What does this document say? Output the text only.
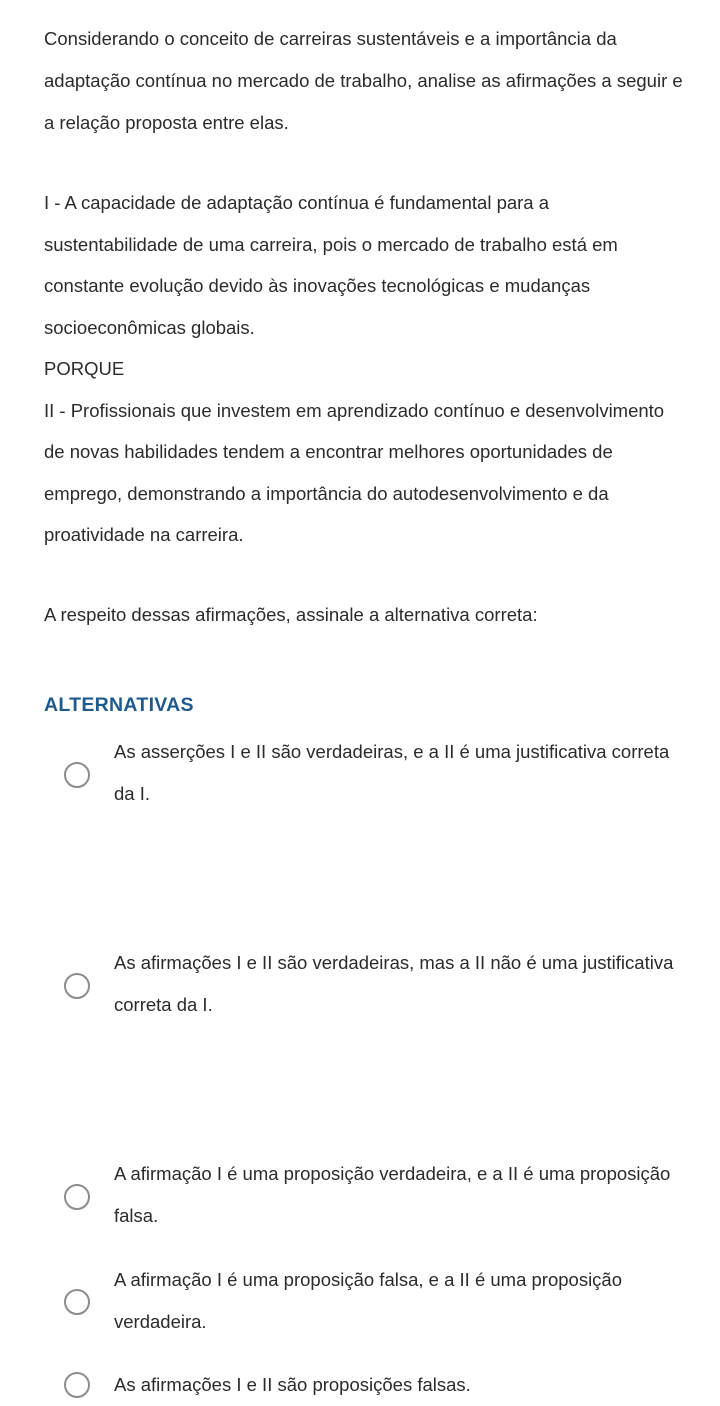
Considerando o conceito de carreiras sustentáveis e a importância da adaptação contínua no mercado de trabalho, analise as afirmações a seguir e a relação proposta entre elas.

I - A capacidade de adaptação contínua é fundamental para a sustentabilidade de uma carreira, pois o mercado de trabalho está em constante evolução devido às inovações tecnológicas e mudanças socioeconômicas globais.

PORQUE

II - Profissionais que investem em aprendizado contínuo e desenvolvimento de novas habilidades tendem a encontrar melhores oportunidades de emprego, demonstrando a importância do autodesenvolvimento e da proatividade na carreira.

A respeito dessas afirmações, assinale a alternativa correta:

ALTERNATIVAS

As asserções I e II são verdadeiras, e a II é uma justificativa correta da I.

As afirmações I e II são verdadeiras, mas a II não é uma justificativa correta da I.

A afirmação I é uma proposição verdadeira, e a II é uma proposição falsa.

A afirmação I é uma proposição falsa, e a II é uma proposição verdadeira.

As afirmações I e II são proposições falsas.
